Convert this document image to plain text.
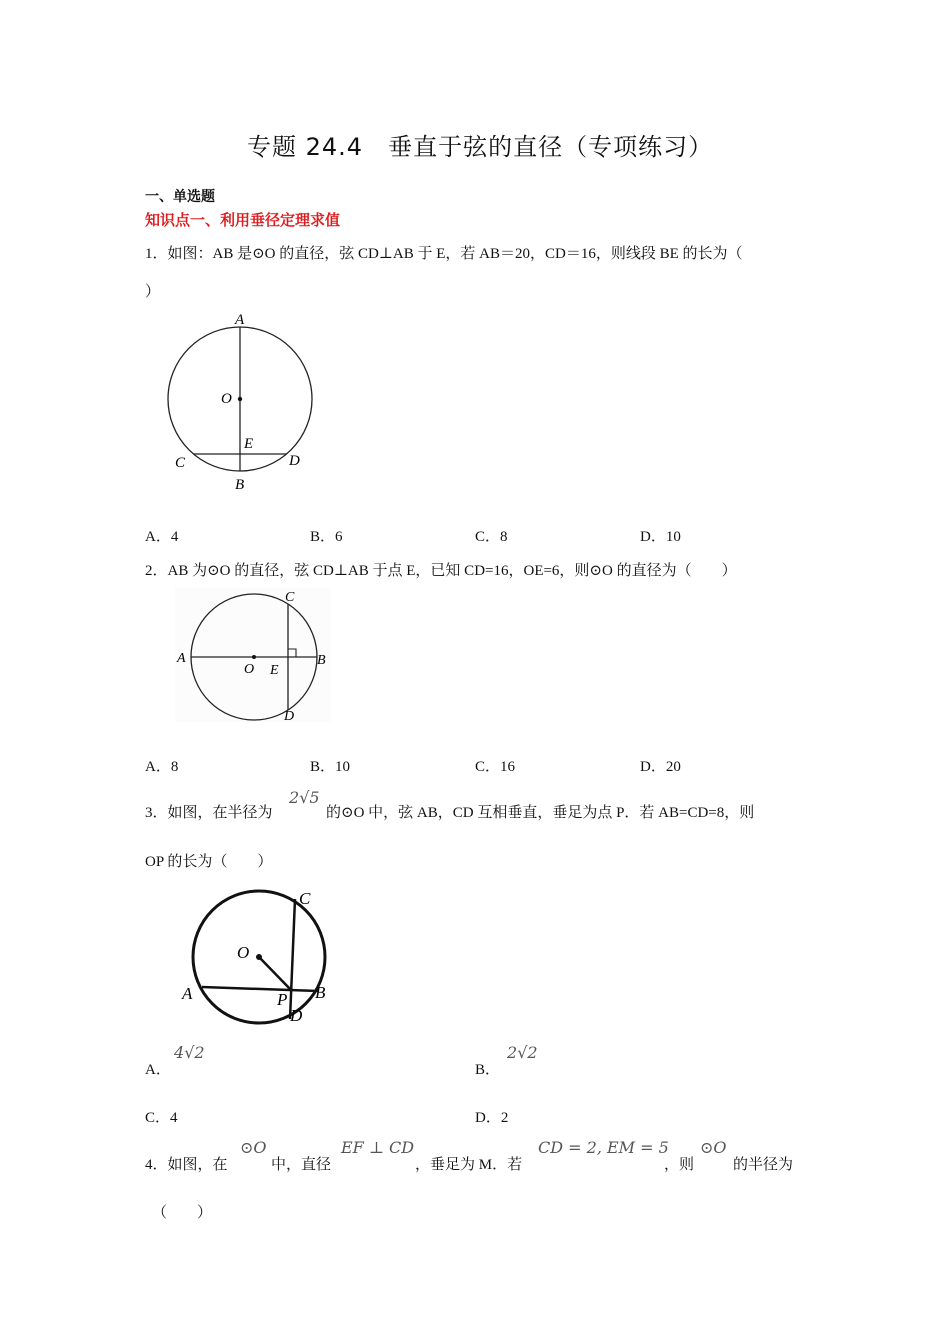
专题 24.4　垂直于弦的直径（专项练习）
一、单选题
知识点一、利用垂径定理求值
1．如图：AB 是⊙O 的直径，弦 CD⊥AB 于 E，若 AB＝20，CD＝16，则线段 BE 的长为（
）
A
O
E
C	D
B
A．4	B．6	C．8	D．10
2．AB 为⊙O 的直径，弦 CD⊥AB 于点 E，已知 CD=16，OE=6，则⊙O 的直径为（　　）
C
A
O E
B
D
A．8	B．10	C．16	D．20
3．如图，在半径为
2√5
的⊙O 中，弦 AB，CD 互相垂直，垂足为点 P．若 AB=CD=8，则
OP 的长为（　　）
C
O
A	P B
D
A．
4√2
B．
2√2
C．4	D．2
4．如图，在
⊙O
中，直径
EF ⊥ CD
，垂足为 M．若
CD = 2, EM = 5
，则
⊙O
的半径为
（　　）
